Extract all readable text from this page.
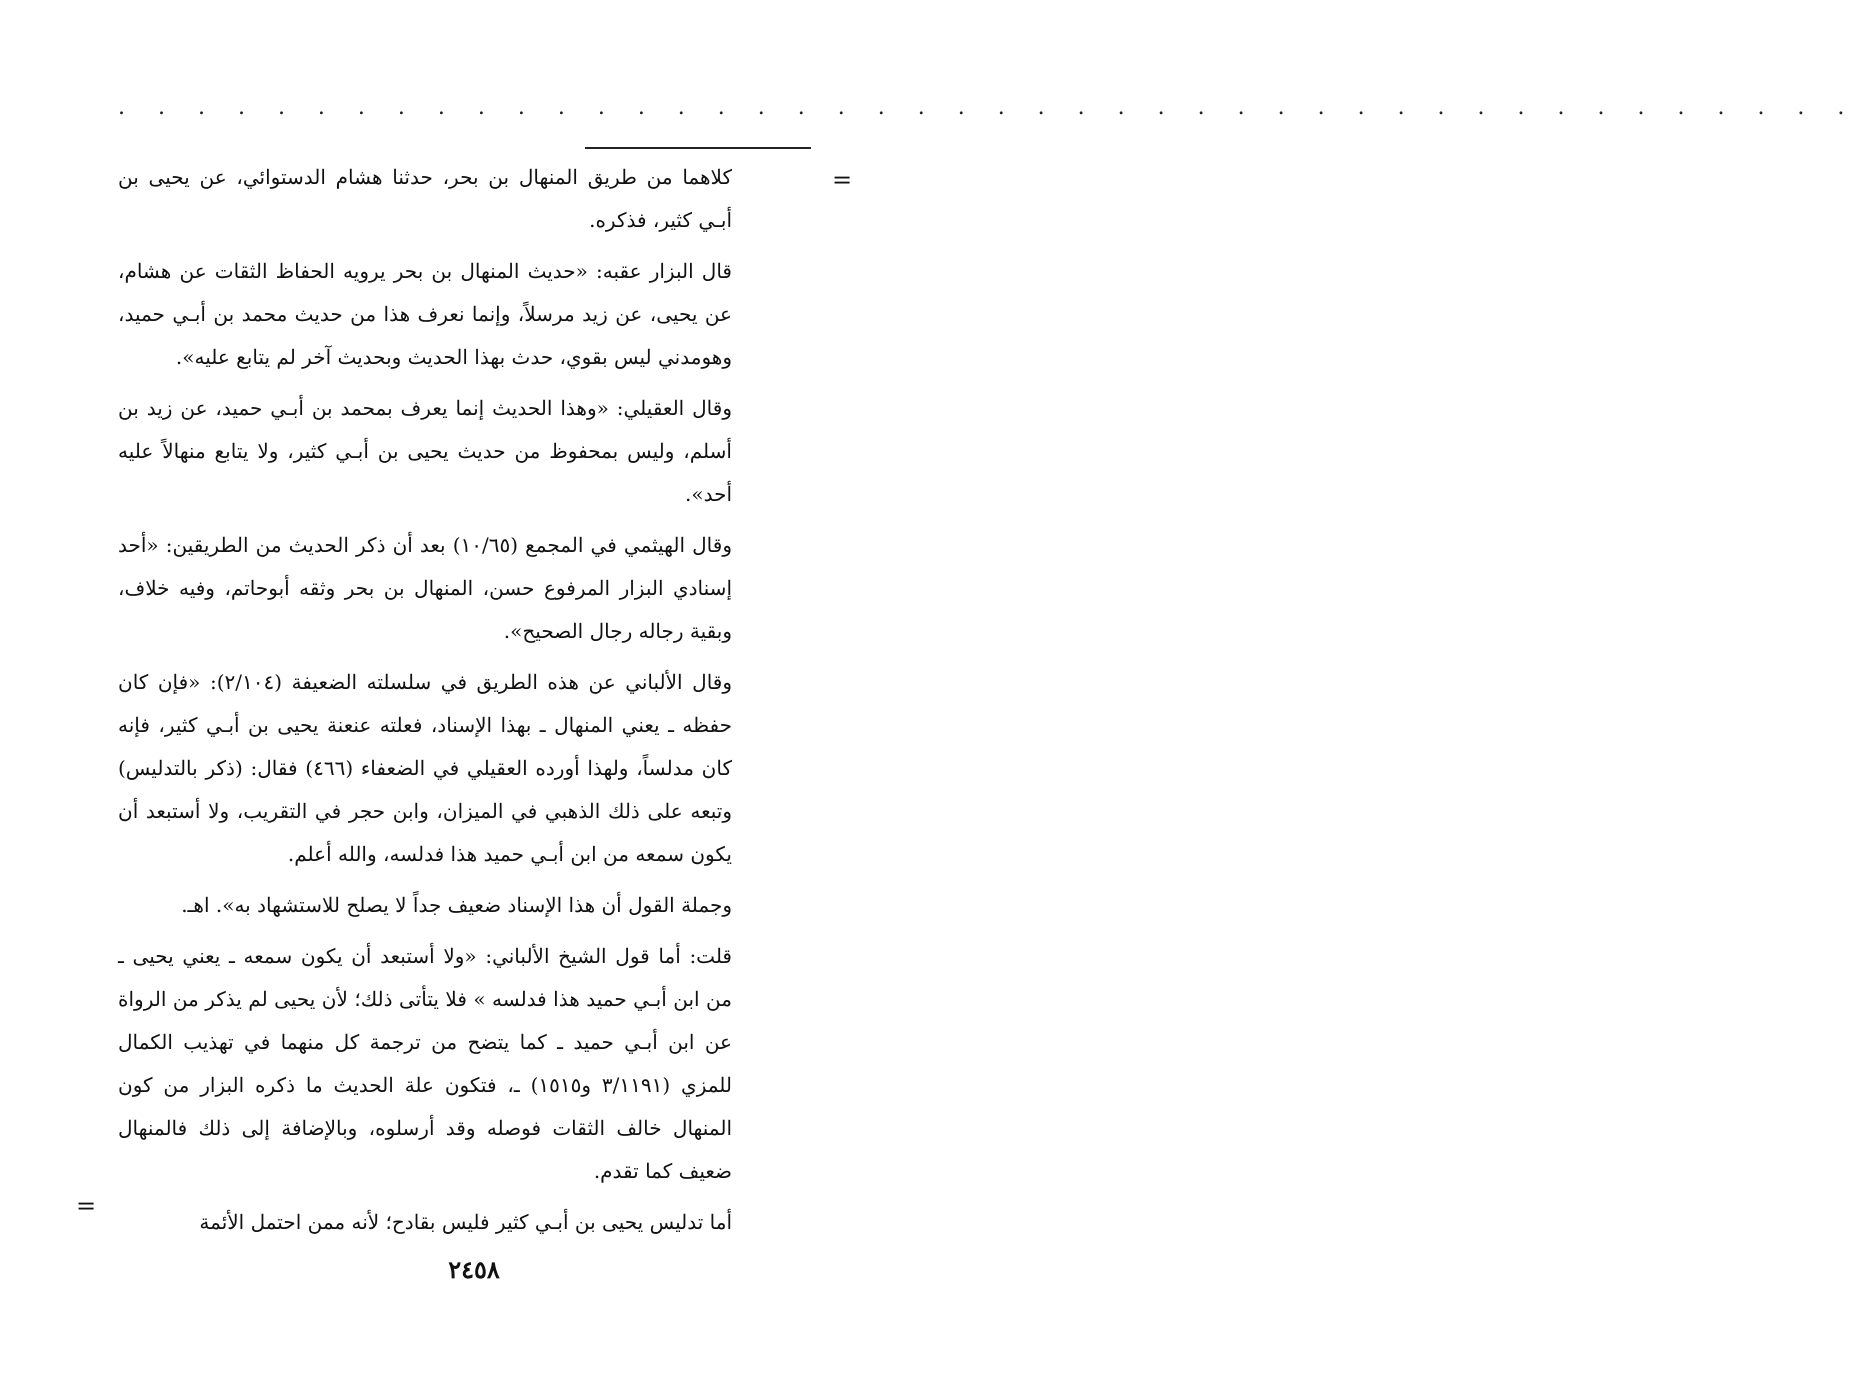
. . . . . . . . . . . . . . . . . . . . . . . . . . . . . . . . . . . . . . . . . . . .
=

كلاهما من طريق المنهال بن بحر، حدثنا هشام الدستوائي، عن يحيى بن أبـي كثير، فذكره.

قال البزار عقبه: «حديث المنهال بن بحر يرويه الحفاظ الثقات عن هشام، عن يحيى، عن زيد مرسلاً، وإنما نعرف هذا من حديث محمد بن أبـي حميد، وهومدني ليس بقوي، حدث بهذا الحديث وبحديث آخر لم يتابع عليه».

وقال العقيلي: «وهذا الحديث إنما يعرف بمحمد بن أبـي حميد، عن زيد بن أسلم، وليس بمحفوظ من حديث يحيى بن أبـي كثير، ولا يتابع منهالاً عليه أحد».

وقال الهيثمي في المجمع (١٠/٦٥) بعد أن ذكر الحديث من الطريقين: «أحد إسنادي البزار المرفوع حسن، المنهال بن بحر وثقه أبوحاتم، وفيه خلاف، وبقية رجاله رجال الصحيح».

وقال الألباني عن هذه الطريق في سلسلته الضعيفة (٢/١٠٤): «فإن كان حفظه ـ يعني المنهال ـ بهذا الإسناد، فعلته عنعنة يحيى بن أبـي كثير، فإنه كان مدلساً، ولهذا أورده العقيلي في الضعفاء (٤٦٦) فقال: (ذكر بالتدليس) وتبعه على ذلك الذهبي في الميزان، وابن حجر في التقريب، ولا أستبعد أن يكون سمعه من ابن أبـي حميد هذا فدلسه، والله أعلم.

وجملة القول أن هذا الإسناد ضعيف جداً لا يصلح للاستشهاد به». اهـ.

قلت: أما قول الشيخ الألباني: «ولا أستبعد أن يكون سمعه ـ يعني يحيى ـ من ابن أبـي حميد هذا فدلسه » فلا يتأتى ذلك؛ لأن يحيى لم يذكر من الرواة عن ابن أبـي حميد ـ كما يتضح من ترجمة كل منهما في تهذيب الكمال للمزي (٣/١١٩١ و١٥١٥) ـ، فتكون علة الحديث ما ذكره البزار من كون المنهال خالف الثقات فوصله وقد أرسلوه، وبالإضافة إلى ذلك فالمنهال ضعيف كما تقدم.

أما تدليس يحيى بن أبـي كثير فليس بقادح؛ لأنه ممن احتمل الأئمة

=
٢٤٥٨
